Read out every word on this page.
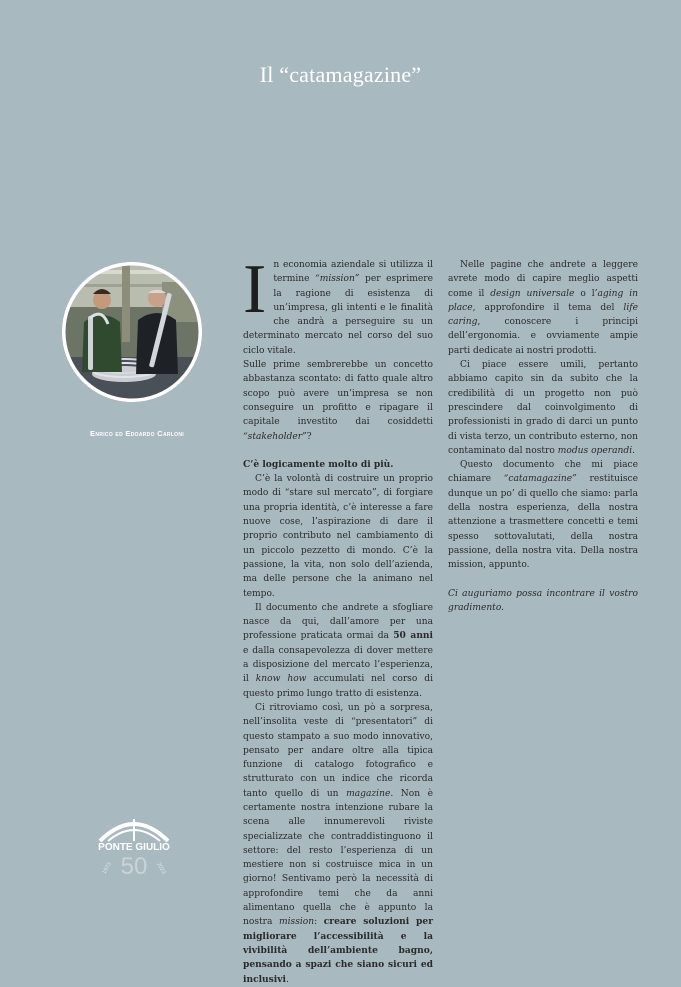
Il “catamagazine”
Enrico ed Edoardo Carloni
PONTE GIULIO
50
1973	2023

In economia aziendale si utilizza il termine “mission” per esprimere la ragione di esistenza di un’impresa, gli intenti e le finalità che andrà a perseguire su un determinato mercato nel corso del suo ciclo vitale.

Sulle prime sembrerebbe un concetto abbastanza scontato: di fatto quale altro scopo può avere un’impresa se non conseguire un profitto e ripagare il capitale investito dai cosiddetti “stakeholder”?

C’è logicamente molto di più.

C’è la volontà di costruire un proprio modo di “stare sul mercato”, di forgiare una propria identità, c’è interesse a fare nuove cose, l’aspirazione di dare il proprio contributo nel cambiamento di un piccolo pezzetto di mondo. C’è la passione, la vita, non solo dell’azienda, ma delle persone che la animano nel tempo.

Il documento che andrete a sfogliare nasce da qui, dall’amore per una professione praticata ormai da 50 anni e dalla consapevolezza di dover mettere a disposizione del mercato l’esperienza, il know how accumulati nel corso di questo primo lungo tratto di esistenza.

Ci ritroviamo così, un pò a sorpresa, nell’insolita veste di “presentatori” di questo stampato a suo modo innovativo, pensato per andare oltre alla tipica funzione di catalogo fotografico e strutturato con un indice che ricorda tanto quello di un magazine. Non è certamente nostra intenzione rubare la scena alle innumerevoli riviste specializzate che contraddistinguono il settore: del resto l’esperienza di un mestiere non si costruisce mica in un giorno! Sentivamo però la necessità di approfondire temi che da anni alimentano quella che è appunto la nostra mission: creare soluzioni per migliorare l’accessibilità e la vivibilità dell’ambiente bagno, pensando a spazi che siano sicuri ed inclusivi.

Nelle pagine che andrete a leggere avrete modo di capire meglio aspetti come il design universale o l’aging in place, approfondire il tema del life caring, conoscere i principi dell’ergonomia. e ovviamente ampie parti dedicate ai nostri prodotti.

Ci piace essere umili, pertanto abbiamo capito sin da subito che la credibilità di un progetto non può prescindere dal coinvolgimento di professionisti in grado di darci un punto di vista terzo, un contributo esterno, non contaminato dal nostro modus operandi.

Questo documento che mi piace chiamare “catamagazine” restituisce dunque un po’ di quello che siamo: parla della nostra esperienza, della nostra attenzione a trasmettere concetti e temi spesso sottovalutati, della nostra passione, della nostra vita. Della nostra mission, appunto.

Ci auguriamo possa incontrare il vostro gradimento.
